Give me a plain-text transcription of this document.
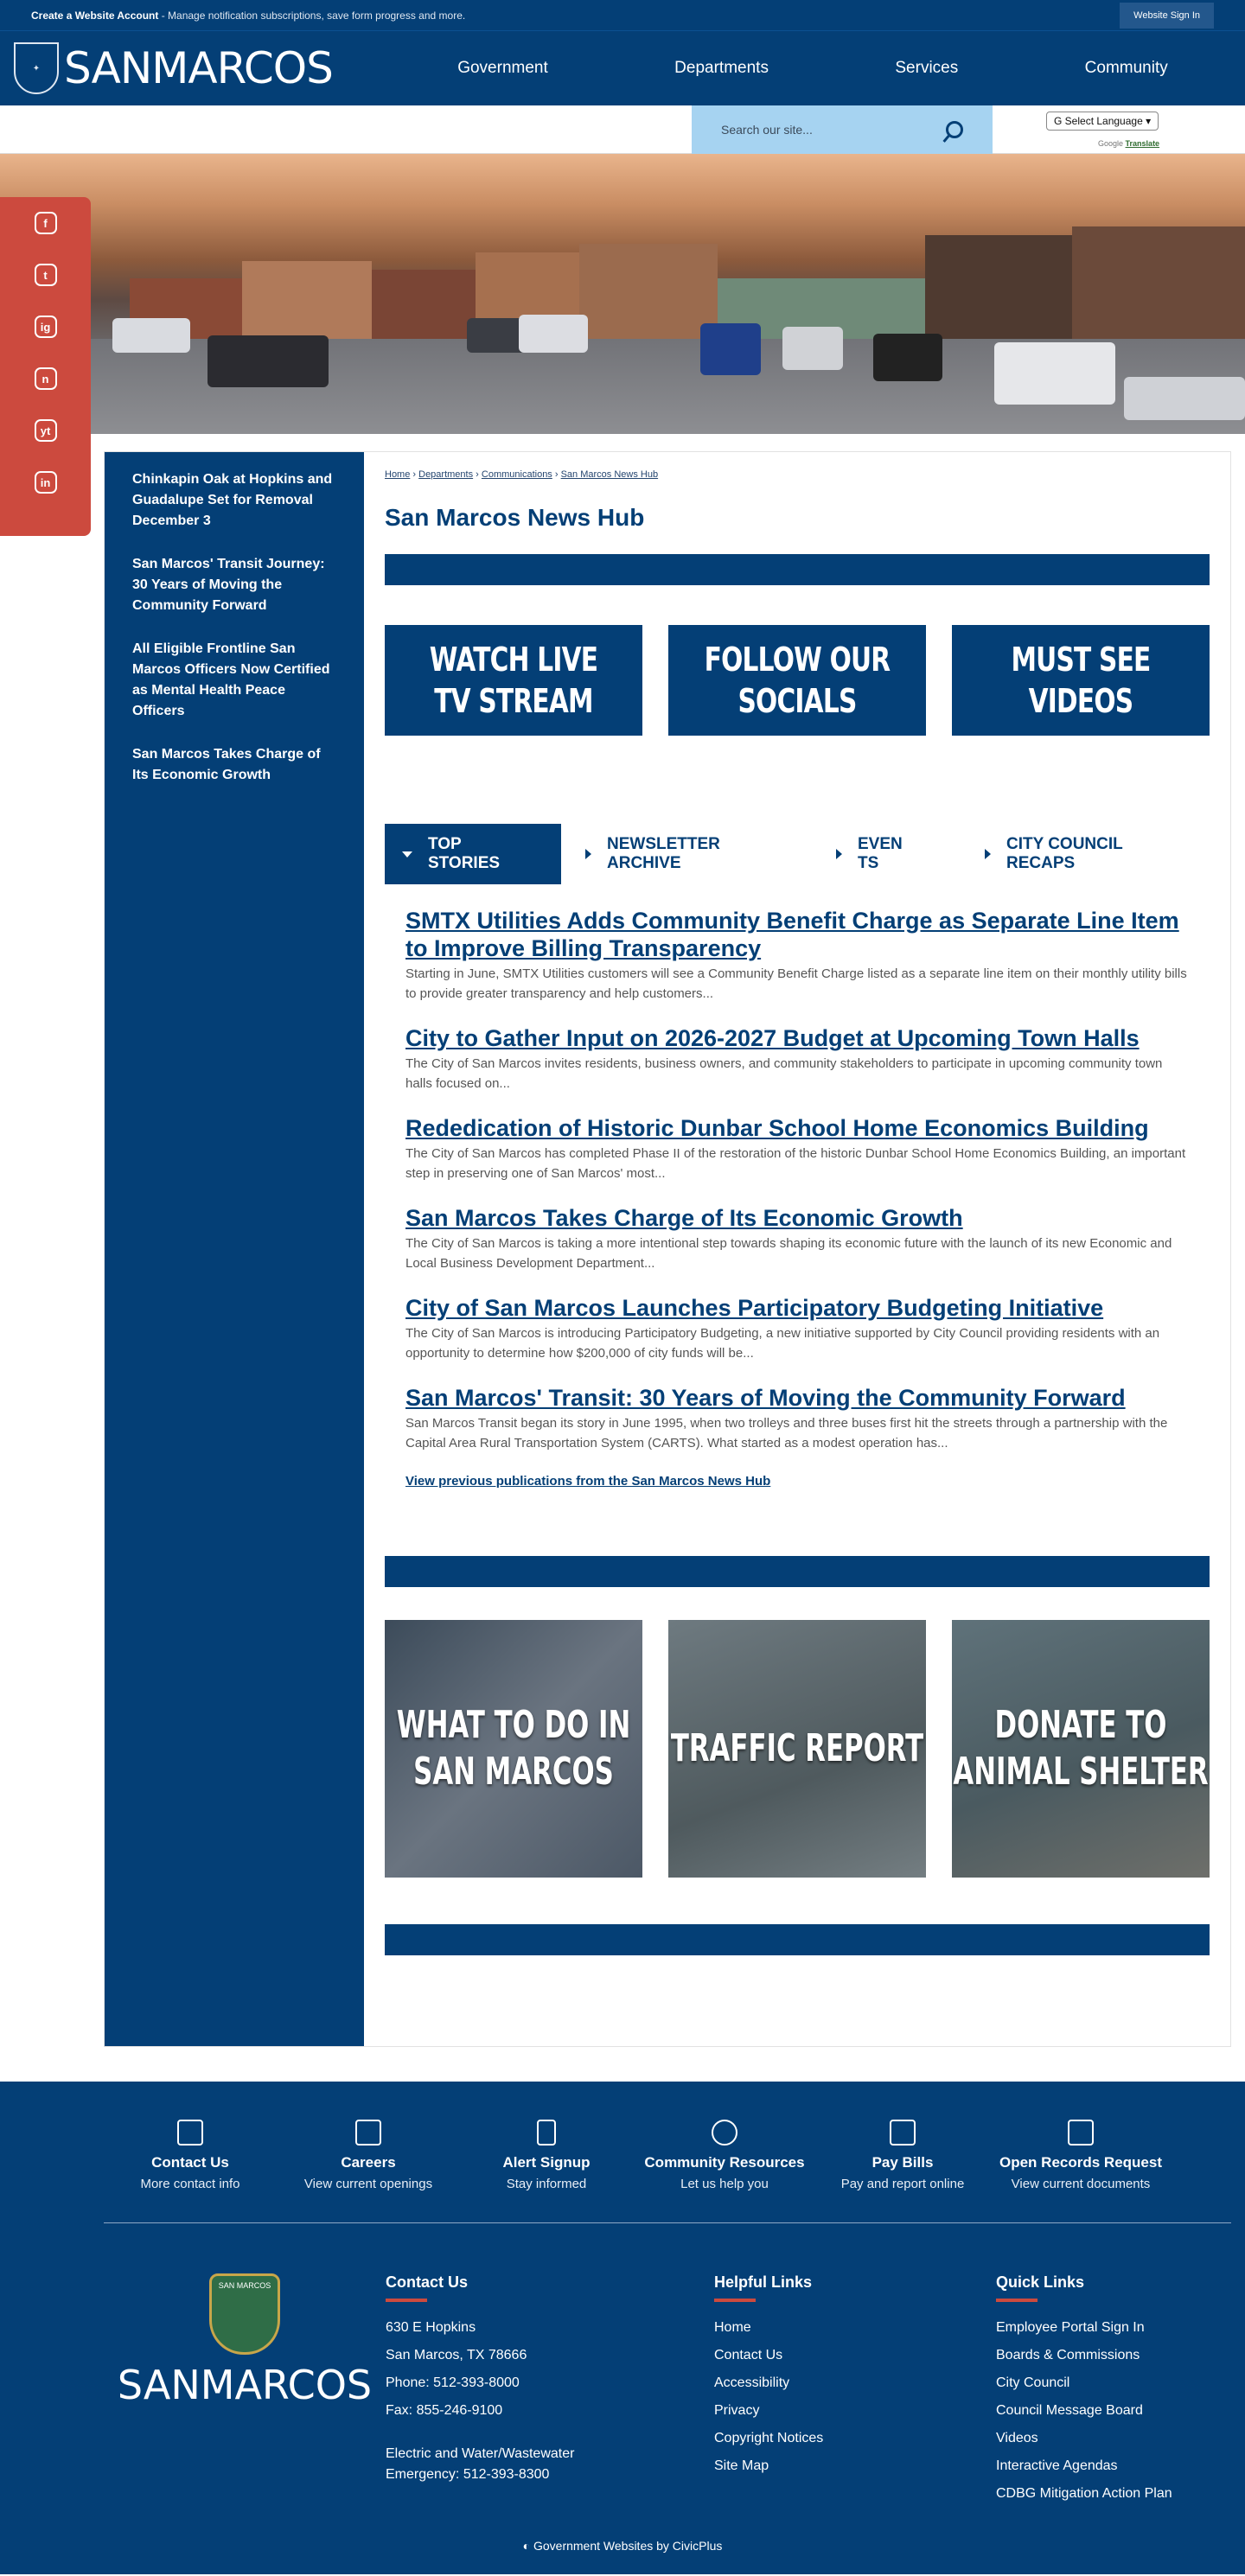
Create a Website Account - Manage notification subscriptions, save form progress and more.	Website Sign In
✦ SANMARCOS	Government	Departments	Services	Community
Search our site...
G Select Language ▾
Google Translate
f
t
ig
n
yt
in	Chinkapin Oak at Hopkins and Guadalupe Set for Removal December 3
San Marcos' Transit Journey: 30 Years of Moving the Community Forward
All Eligible Frontline San Marcos Officers Now Certified as Mental Health Peace Officers
San Marcos Takes Charge of Its Economic Growth
Home › Departments › Communications › San Marcos News Hub
San Marcos News Hub
WATCH LIVE
TV STREAM
FOLLOW OUR
SOCIALS
MUST SEE
VIDEOS
TOP STORIES
NEWSLETTER ARCHIVE
EVEN TS
CITY COUNCIL RECAPS
SMTX Utilities Adds Community Benefit Charge as Separate Line Item to Improve Billing Transparency

Starting in June, SMTX Utilities customers will see a Community Benefit Charge listed as a separate line item on their monthly utility bills to provide greater transparency and help customers...

City to Gather Input on 2026-2027 Budget at Upcoming Town Halls

The City of San Marcos invites residents, business owners, and community stakeholders to participate in upcoming community town halls focused on...

Rededication of Historic Dunbar School Home Economics Building

The City of San Marcos has completed Phase II of the restoration of the historic Dunbar School Home Economics Building, an important step in preserving one of San Marcos' most...

San Marcos Takes Charge of Its Economic Growth

The City of San Marcos is taking a more intentional step towards shaping its economic future with the launch of its new Economic and Local Business Development Department...

City of San Marcos Launches Participatory Budgeting Initiative

The City of San Marcos is introducing Participatory Budgeting, a new initiative supported by City Council providing residents with an opportunity to determine how $200,000 of city funds will be...

San Marcos' Transit: 30 Years of Moving the Community Forward

San Marcos Transit began its story in June 1995, when two trolleys and three buses first hit the streets through a partnership with the Capital Area Rural Transportation System (CARTS). What started as a modest operation has...

View previous publications from the San Marcos News Hub
WHAT TO DO IN
SAN MARCOS
TRAFFIC REPORT
DONATE TO
ANIMAL SHELTER
Contact Us
More contact info
Careers
View current openings
Alert Signup
Stay informed
Community Resources
Let us help you
Pay Bills
Pay and report online
Open Records Request
View current documents
SAN MARCOS
SANMARCOS
Contact Us
630 E Hopkins
San Marcos, TX 78666
Phone: 512-393-8000
Fax: 855-246-9100
Electric and Water/Wastewater
Emergency: 512-393-8300
Helpful Links
Home
Contact Us
Accessibility
Privacy
Copyright Notices
Site Map
Quick Links
Employee Portal Sign In
Boards & Commissions
City Council
Council Message Board
Videos
Interactive Agendas
CDBG Mitigation Action Plan
◐ Government Websites by CivicPlus
